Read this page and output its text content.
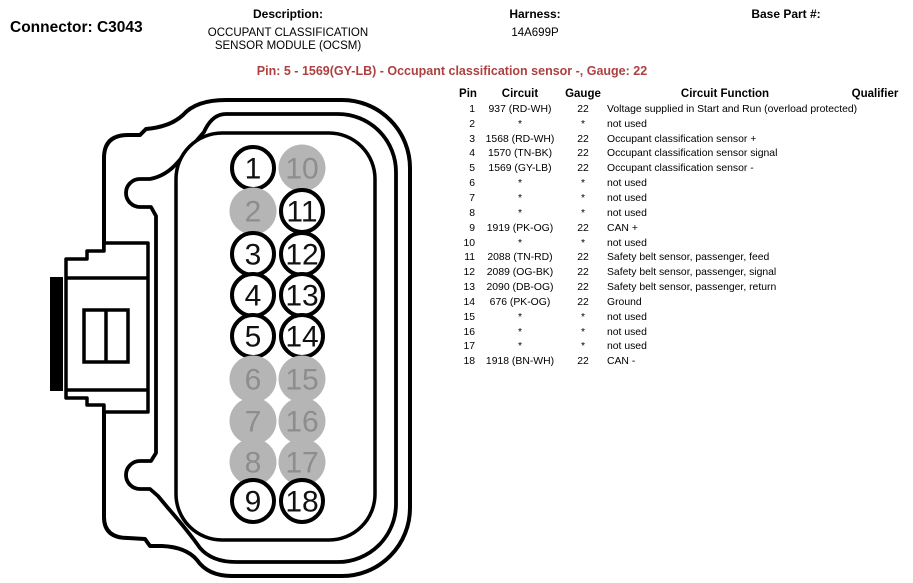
Connector: C3043
Description:
OCCUPANT CLASSIFICATION
SENSOR MODULE (OCSM)
Harness:
14A699P
Base Part #:
Pin: 5 - 1569(GY-LB) - Occupant classification sensor -, Gauge: 22
1
2
3
4
5
6
7
8
9
10
11
12
13
14
15
16
17
18
Pin	Circuit	Gauge	Circuit Function	Qualifier
1	937 (RD-WH)	22	Voltage supplied in Start and Run (overload protected)
2	*	*	not used
3	1568 (RD-WH)	22	Occupant classification sensor +
4	1570 (TN-BK)	22	Occupant classification sensor signal
5	1569 (GY-LB)	22	Occupant classification sensor -
6	*	*	not used
7	*	*	not used
8	*	*	not used
9	1919 (PK-OG)	22	CAN +
10	*	*	not used
11	2088 (TN-RD)	22	Safety belt sensor, passenger, feed
12	2089 (OG-BK)	22	Safety belt sensor, passenger, signal
13	2090 (DB-OG)	22	Safety belt sensor, passenger, return
14	676 (PK-OG)	22	Ground
15	*	*	not used
16	*	*	not used
17	*	*	not used
18	1918 (BN-WH)	22	CAN -
